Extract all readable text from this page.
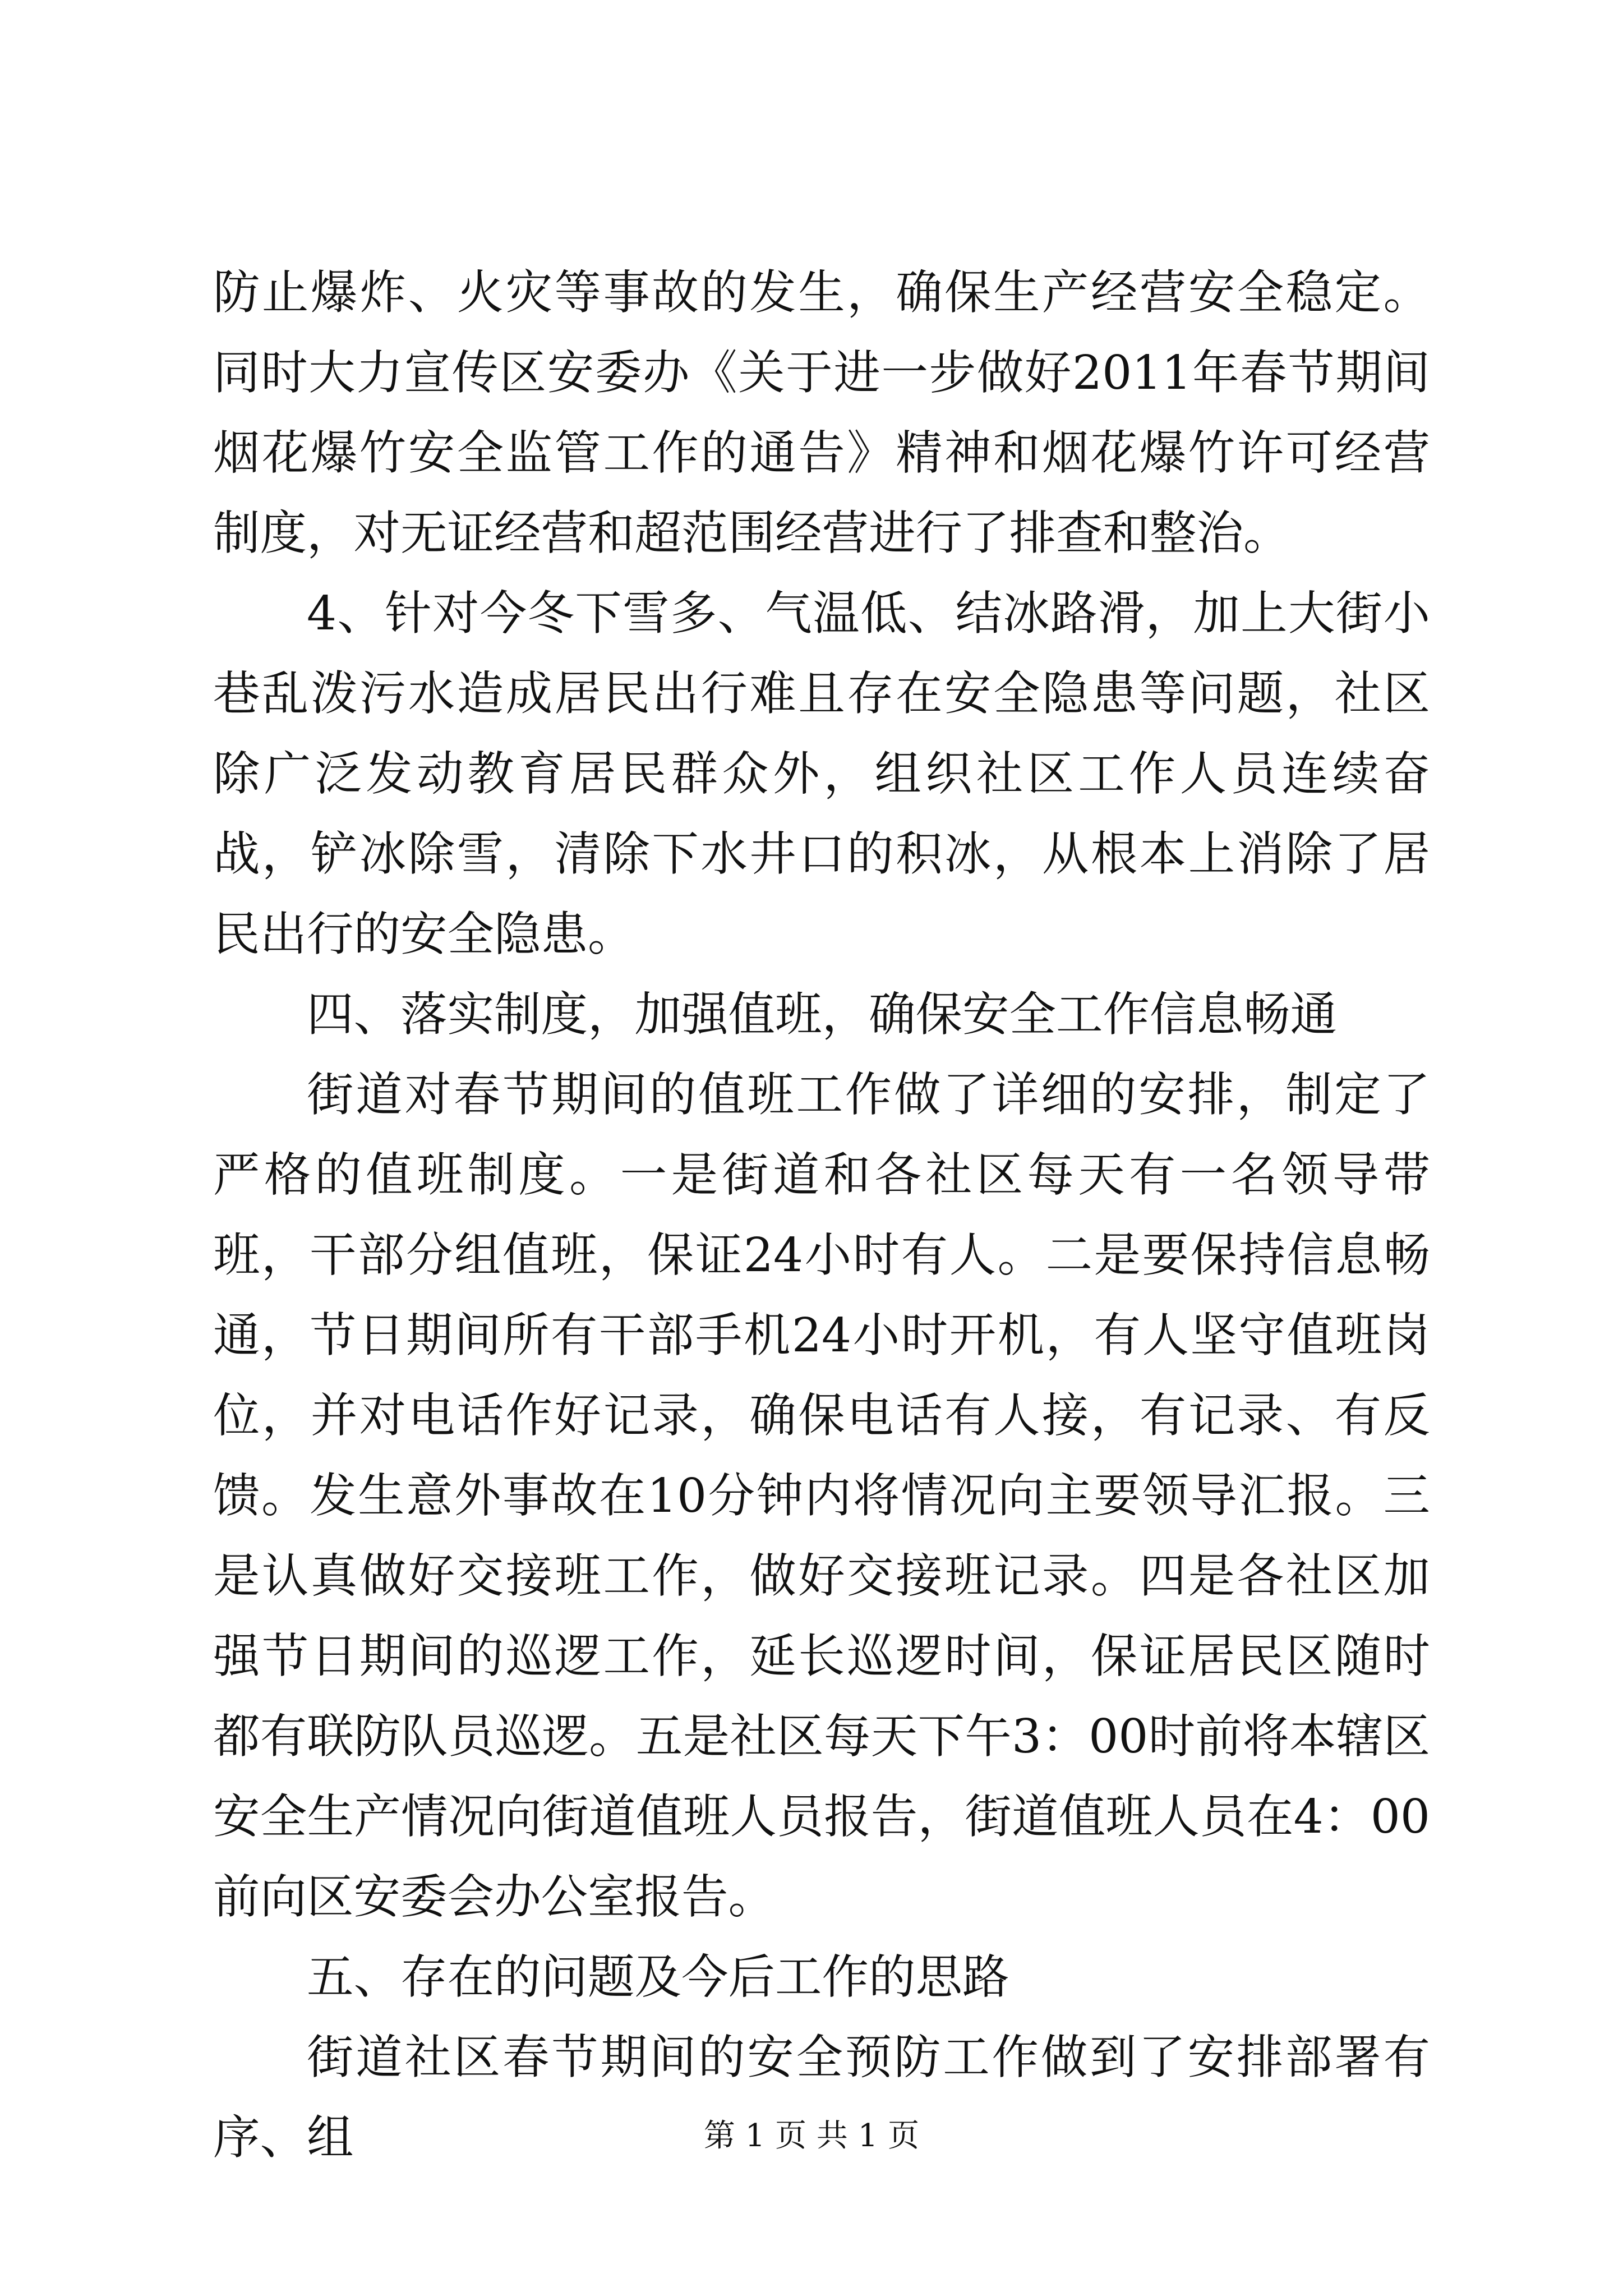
防止爆炸、火灾等事故的发生，确保生产经营安全稳定。同时大力宣传区安委办《关于进一步做好2011年春节期间烟花爆竹安全监管工作的通告》精神和烟花爆竹许可经营制度，对无证经营和超范围经营进行了排查和整治。

4、针对今冬下雪多、气温低、结冰路滑，加上大街小巷乱泼污水造成居民出行难且存在安全隐患等问题，社区除广泛发动教育居民群众外，组织社区工作人员连续奋战，铲冰除雪，清除下水井口的积冰，从根本上消除了居民出行的安全隐患。

四、落实制度，加强值班，确保安全工作信息畅通

街道对春节期间的值班工作做了详细的安排，制定了严格的值班制度。一是街道和各社区每天有一名领导带班，干部分组值班，保证24小时有人。二是要保持信息畅通，节日期间所有干部手机24小时开机，有人坚守值班岗位，并对电话作好记录，确保电话有人接，有记录、有反馈。发生意外事故在10分钟内将情况向主要领导汇报。三是认真做好交接班工作，做好交接班记录。四是各社区加强节日期间的巡逻工作，延长巡逻时间，保证居民区随时都有联防队员巡逻。五是社区每天下午3：00时前将本辖区安全生产情况向街道值班人员报告，街道值班人员在4：00前向区安委会办公室报告。

五、存在的问题及今后工作的思路

街道社区春节期间的安全预防工作做到了安排部署有序、组	第 1 页 共 1 页
